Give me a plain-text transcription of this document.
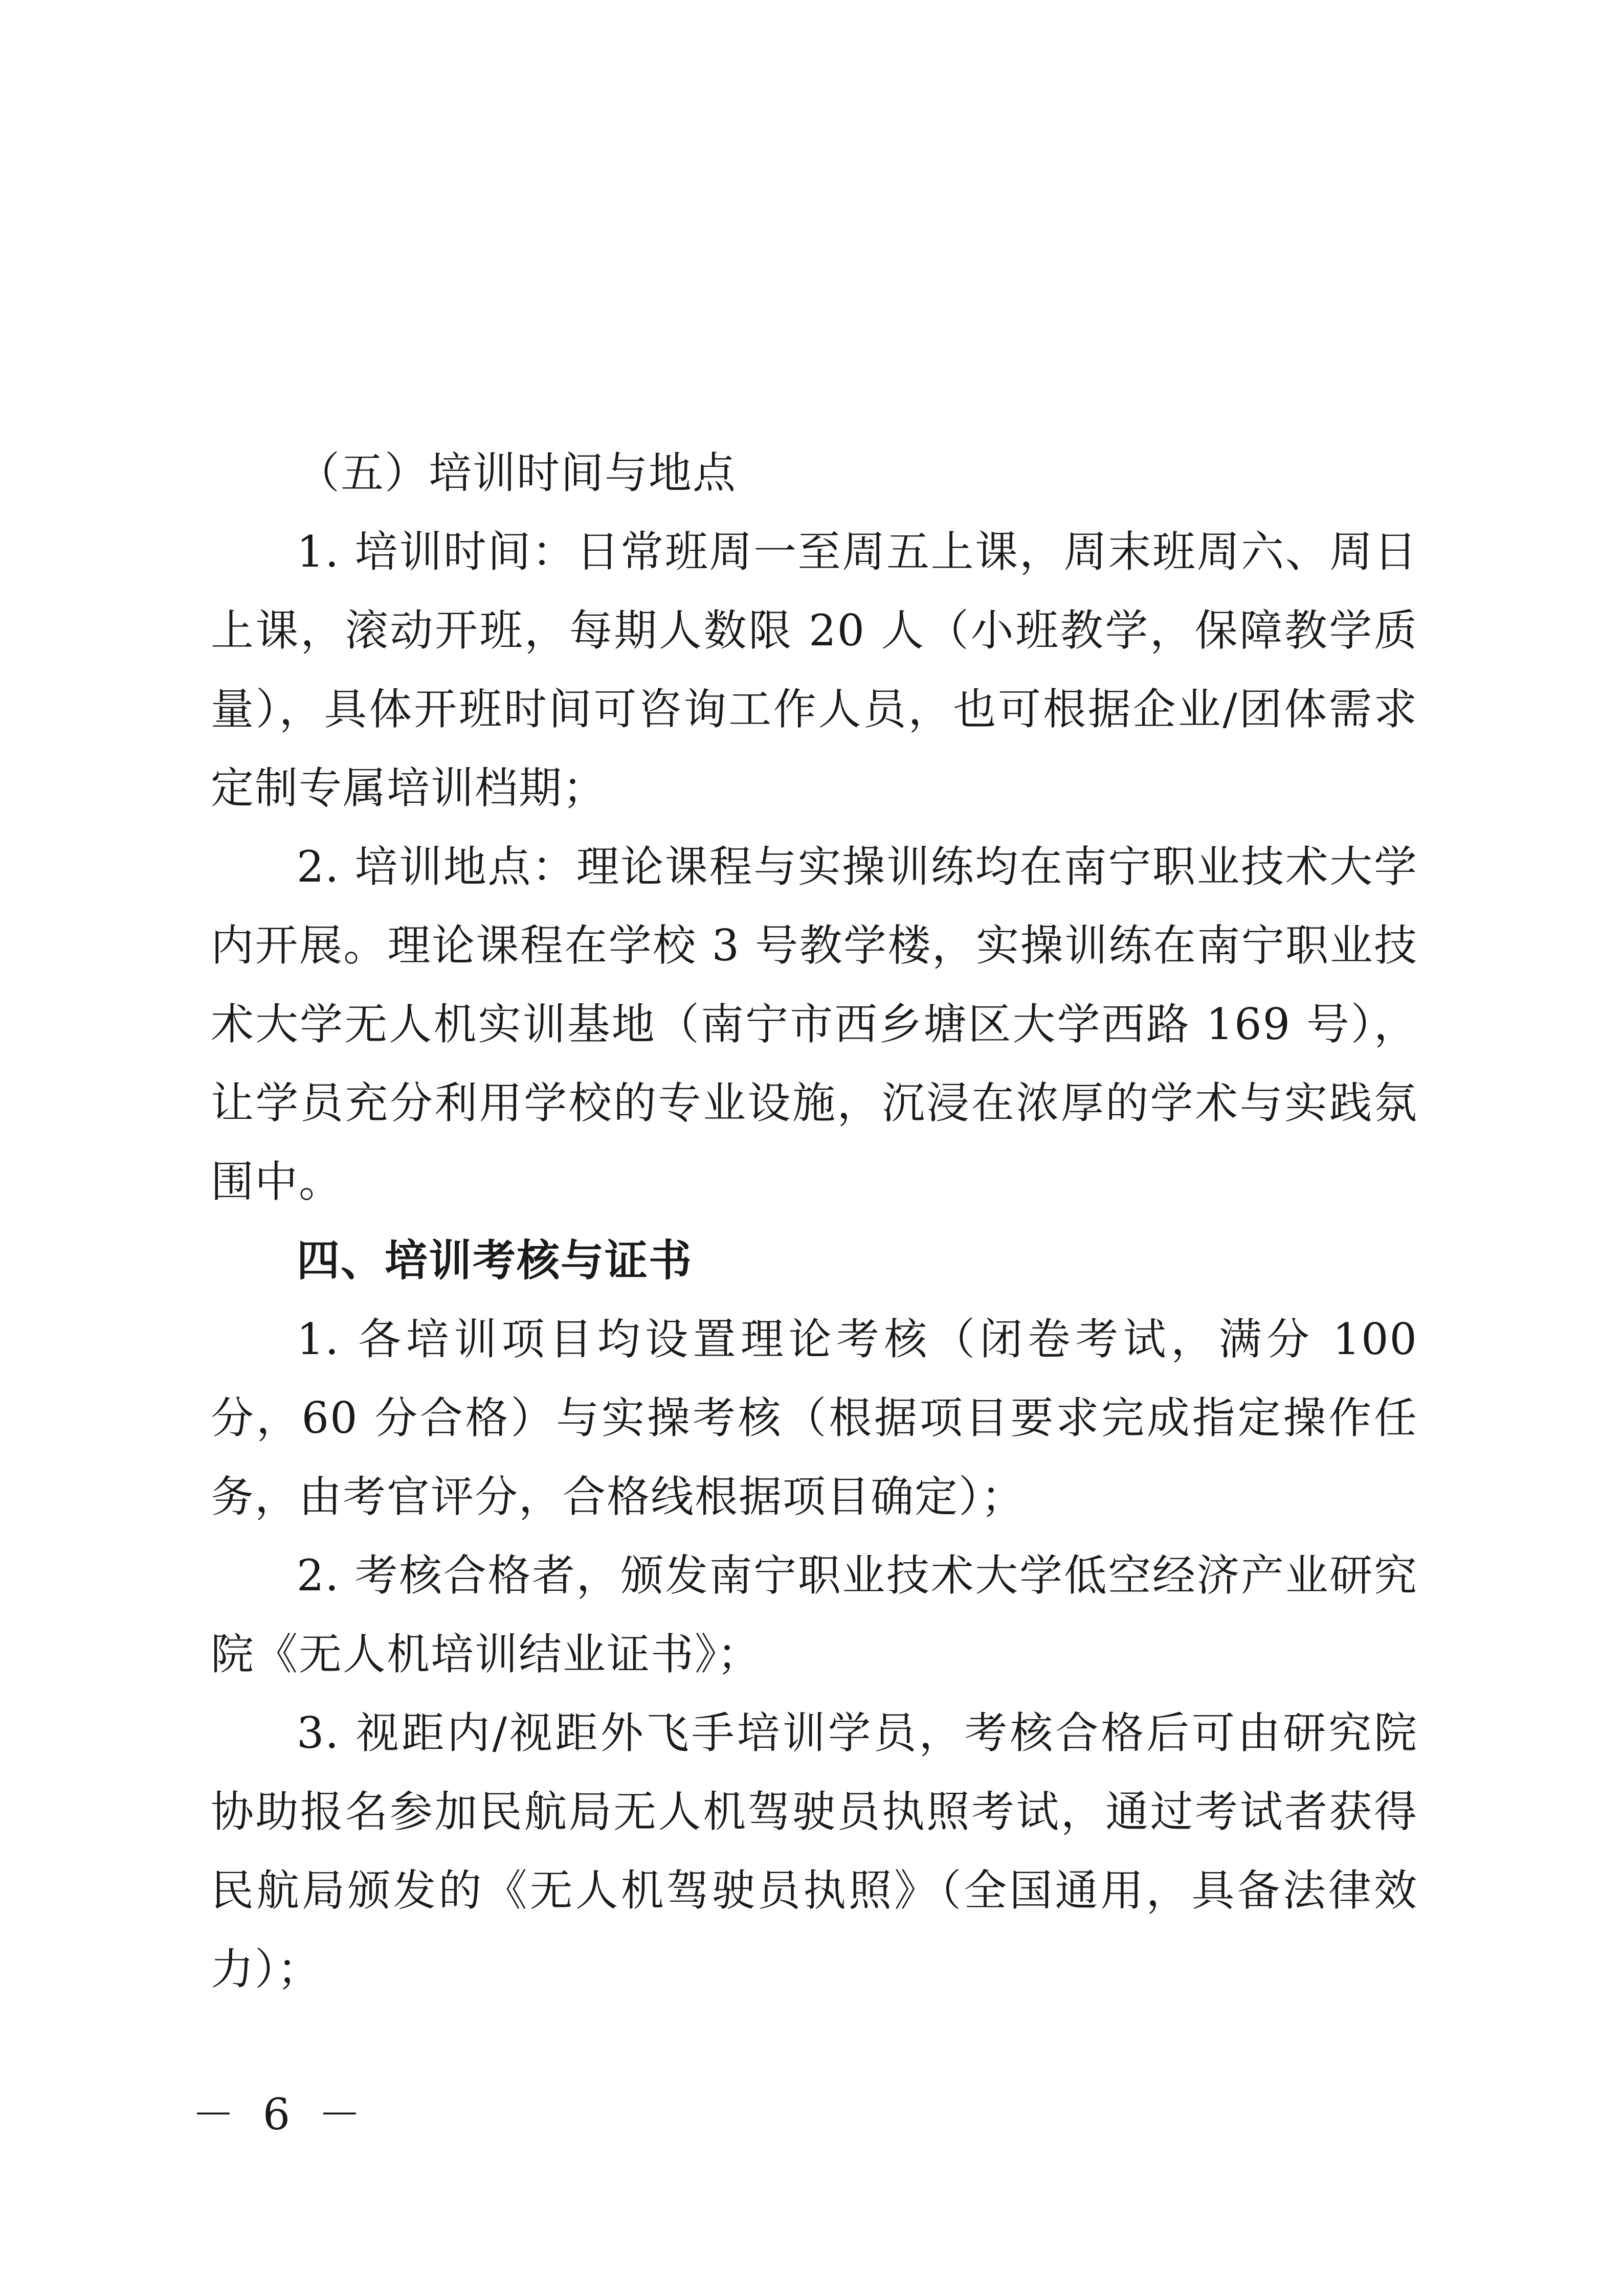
（五）培训时间与地点

1. 培训时间：日常班周一至周五上课，周末班周六、周日上课，滚动开班，每期人数限 20 人（小班教学，保障教学质量），具体开班时间可咨询工作人员，也可根据企业/团体需求定制专属培训档期；

2. 培训地点：理论课程与实操训练均在南宁职业技术大学内开展。理论课程在学校 3 号教学楼，实操训练在南宁职业技术大学无人机实训基地（南宁市西乡塘区大学西路 169 号），让学员充分利用学校的专业设施，沉浸在浓厚的学术与实践氛围中。

四、培训考核与证书

1. 各培训项目均设置理论考核（闭卷考试，满分 100 分，60 分合格）与实操考核（根据项目要求完成指定操作任务，由考官评分，合格线根据项目确定）；

2. 考核合格者，颁发南宁职业技术大学低空经济产业研究院《无人机培训结业证书》；

3. 视距内/视距外飞手培训学员，考核合格后可由研究院协助报名参加民航局无人机驾驶员执照考试，通过考试者获得民航局颁发的《无人机驾驶员执照》（全国通用，具备法律效力）；

－ 6 －
